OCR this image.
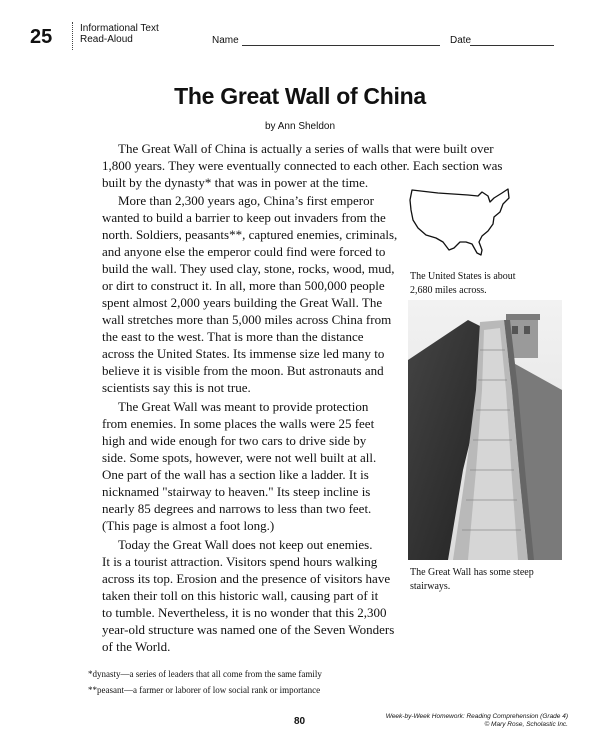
25	Informational Text
Read-Aloud	Name	Date
The Great Wall of China
by Ann Sheldon
The Great Wall of China is actually a series of walls that were built over
1,800 years. They were eventually connected to each other. Each section was
built by the dynasty* that was in power at the time.
More than 2,300 years ago, China’s first emperor
wanted to build a barrier to keep out invaders from the
north. Soldiers, peasants**, captured enemies, criminals,
and anyone else the emperor could find were forced to
build the wall. They used clay, stone, rocks, wood, mud,
or dirt to construct it. In all, more than 500,000 people
spent almost 2,000 years building the Great Wall. The
wall stretches more than 5,000 miles across China from
the east to the west. That is more than the distance
across the United States. Its immense size led many to
believe it is visible from the moon. But astronauts and
scientists say this is not true.
The Great Wall was meant to provide protection
from enemies. In some places the walls were 25 feet
high and wide enough for two cars to drive side by
side. Some spots, however, were not well built at all.
One part of the wall has a section like a ladder. It is
nicknamed "stairway to heaven." Its steep incline is
nearly 85 degrees and narrows to less than two feet.
(This page is almost a foot long.)
Today the Great Wall does not keep out enemies.
It is a tourist attraction. Visitors spend hours walking
across its top. Erosion and the presence of visitors have
taken their toll on this historic wall, causing part of it
to tumble. Nevertheless, it is no wonder that this 2,300
year-old structure was named one of the Seven Wonders
of the World.
The United States is about
2,680 miles across.
The Great Wall has some steep
stairways.
*dynasty—a series of leaders that all come from the same family
**peasant—a farmer or laborer of low social rank or importance
80	Week-by-Week Homework: Reading Comprehension (Grade 4)
© Mary Rose, Scholastic Inc.
